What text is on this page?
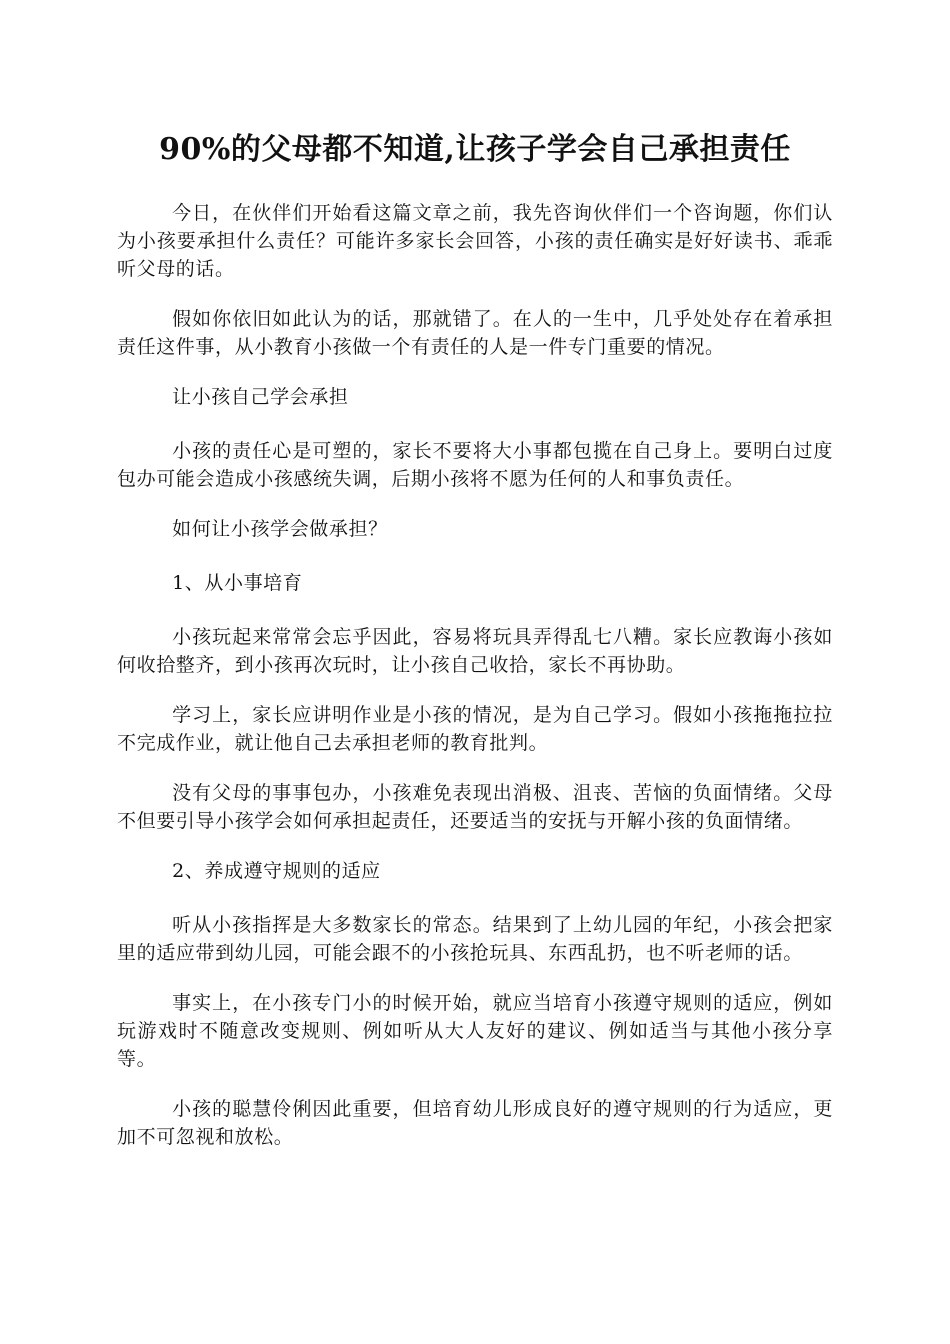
90%的父母都不知道,让孩子学会自己承担责任

今日，在伙伴们开始看这篇文章之前，我先咨询伙伴们一个咨询题，你们认为小孩要承担什么责任？可能许多家长会回答，小孩的责任确实是好好读书、乖乖听父母的话。

假如你依旧如此认为的话，那就错了。在人的一生中，几乎处处存在着承担责任这件事，从小教育小孩做一个有责任的人是一件专门重要的情况。

让小孩自己学会承担

小孩的责任心是可塑的，家长不要将大小事都包揽在自己身上。要明白过度包办可能会造成小孩感统失调，后期小孩将不愿为任何的人和事负责任。

如何让小孩学会做承担？

1、从小事培育

小孩玩起来常常会忘乎因此，容易将玩具弄得乱七八糟。家长应教诲小孩如何收拾整齐，到小孩再次玩时，让小孩自己收拾，家长不再协助。

学习上，家长应讲明作业是小孩的情况，是为自己学习。假如小孩拖拖拉拉不完成作业，就让他自己去承担老师的教育批判。

没有父母的事事包办，小孩难免表现出消极、沮丧、苦恼的负面情绪。父母不但要引导小孩学会如何承担起责任，还要适当的安抚与开解小孩的负面情绪。

2、养成遵守规则的适应

听从小孩指挥是大多数家长的常态。结果到了上幼儿园的年纪，小孩会把家里的适应带到幼儿园，可能会跟不的小孩抢玩具、东西乱扔，也不听老师的话。

事实上，在小孩专门小的时候开始，就应当培育小孩遵守规则的适应，例如玩游戏时不随意改变规则、例如听从大人友好的建议、例如适当与其他小孩分享等。

小孩的聪慧伶俐因此重要，但培育幼儿形成良好的遵守规则的行为适应，更加不可忽视和放松。
